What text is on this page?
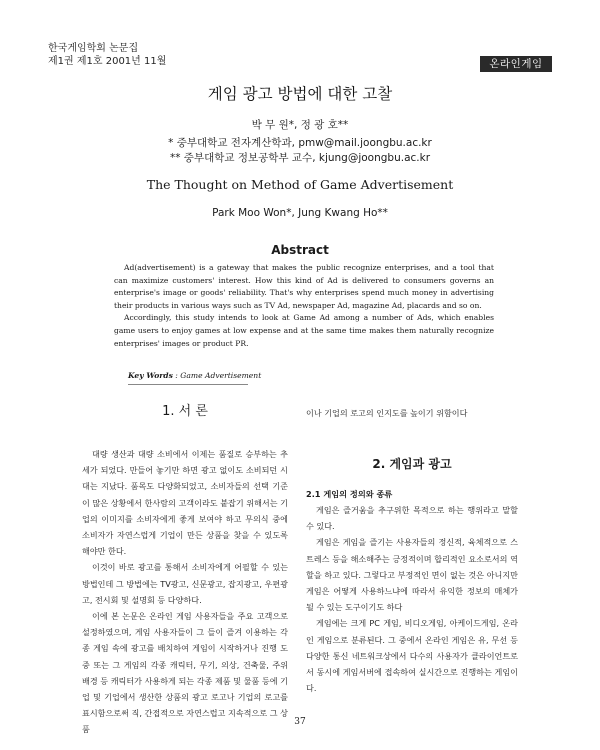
한국게임학회 논문집
제1권 제1호 2001년 11월	온라인게임
게임 광고 방법에 대한 고찰
박 무 원*, 정 광 호**
* 중부대학교 전자계산학과, pmw@mail.joongbu.ac.kr
** 중부대학교 정보공학부 교수, kjung@joongbu.ac.kr
The Thought on Method of Game Advertisement
Park Moo Won*, Jung Kwang Ho**
Abstract

Ad(advertisement) is a gateway that makes the public recognize enterprises, and a tool that can maximize customers' interest. How this kind of Ad is delivered to consumers governs an enterprise's image or goods' reliability. That's why enterprises spend much money in advertising their products in various ways such as TV Ad, newspaper Ad, magazine Ad, placards and so on.

Accordingly, this study intends to look at Game Ad among a number of Ads, which enables game users to enjoy games at low expense and at the same time makes them naturally recognize enterprises' images or product PR.

Key Words : Game Advertisement
1. 서 론

대량 생산과 대량 소비에서 이제는 품질로 승부하는 추세가 되었다. 만들어 놓기만 하면 광고 없이도 소비되던 시대는 지났다. 품목도 다양화되었고, 소비자들의 선택 기준이 많은 상황에서 한사람의 고객이라도 붙잡기 위해서는 기업의 이미지를 소비자에게 좋게 보여야 하고 무의식 중에 소비자가 자연스럽게 기업이 만든 상품을 찾을 수 있도록 해야만 한다.

이것이 바로 광고를 통해서 소비자에게 어필할 수 있는 방법인데 그 방법에는 TV광고, 신문광고, 잡지광고, 우편광고, 전시회 및 설명회 등 다양하다.

이에 본 논문은 온라인 게임 사용자들을 주요 고객으로 설정하였으며, 게임 사용자들이 그 들이 즐겨 이용하는 각종 게임 속에 광고를 배치하여 게임이 시작하거나 진행 도중 또는 그 게임의 각종 캐릭터, 무기, 의상, 건축물, 주위 배경 등 캐릭터가 사용하게 되는 각종 제품 및 물품 등에 기업 및 기업에서 생산한 상품의 광고 로고나 기업의 로고를 표시함으로써 직, 간접적으로 자연스럽고 지속적으로 그 상품

이나 기업의 로고의 인지도를 높이기 위함이다
2. 게임과 광고
2.1 게임의 정의와 종류

게임은 즐거움을 추구위한 목적으로 하는 행위라고 말할 수 있다.

게임은 게임을 즐기는 사용자들의 정신적, 육체적으로 스트레스 등을 해소해주는 긍정적이며 합리적인 요소로서의 역할을 하고 있다. 그렇다고 부정적인 면이 없는 것은 아니지만 게임은 어떻게 사용하느냐에 따라서 유익한 정보의 매체가 될 수 있는 도구이기도 하다

게임에는 크게 PC 게임, 비디오게임, 아케이드게임, 온라인 게임으로 분류된다. 그 중에서 온라인 게임은 유, 무선 등 다양한 통신 네트워크상에서 다수의 사용자가 클라이언트로서 동시에 게임서버에 접속하여 실시간으로 진행하는 게임이다.

37
